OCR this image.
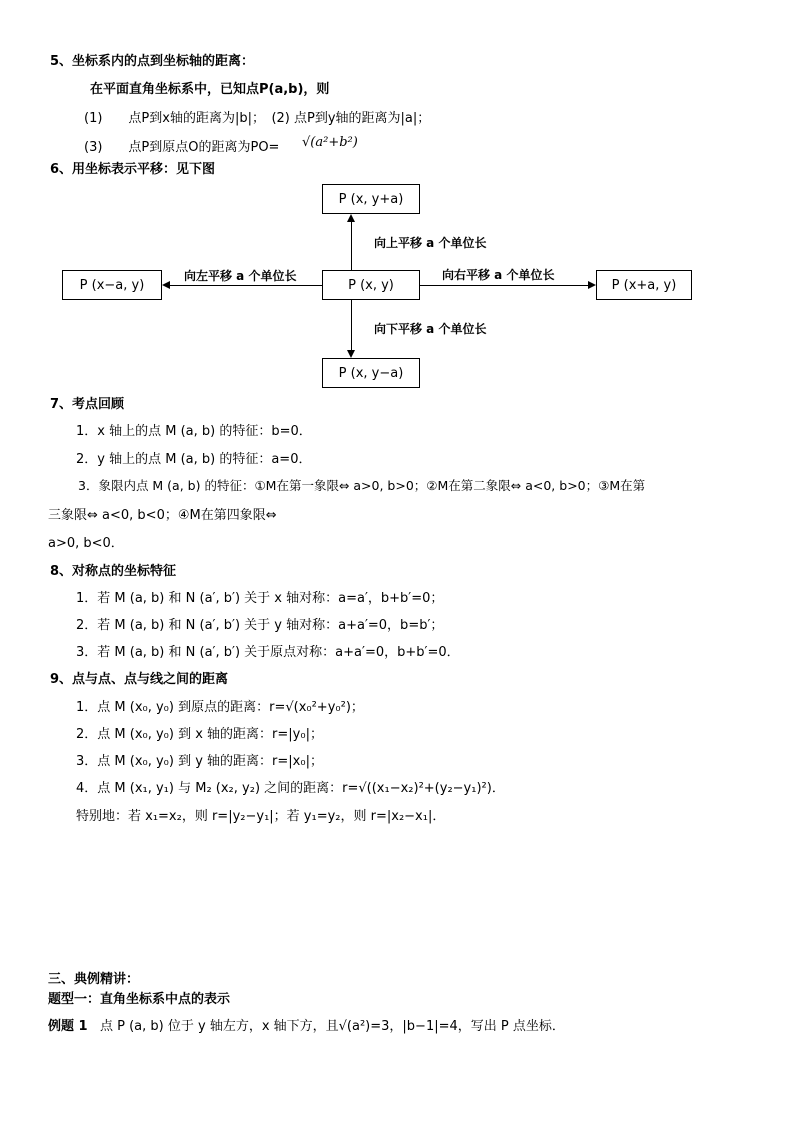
5、坐标系内的点到坐标轴的距离：
在平面直角坐标系中，已知点P(a,b)，则
(1)　　点P到x轴的距离为|b|；　(2) 点P到y轴的距离为|a|；
(3)　　点P到原点O的距离为PO= √(a²+b²)
6、用坐标表示平移：见下图
P (x, y+a)
P (x, y)
P (x, y−a)
P (x−a, y)	P (x+a, y)
向上平移 a 个单位长
向下平移 a 个单位长
向左平移 a 个单位长	向右平移 a 个单位长
7、考点回顾
1．x 轴上的点 M (a, b) 的特征：b=0．
2．y 轴上的点 M (a, b) 的特征：a=0．
3．象限内点 M (a, b) 的特征：①M在第一象限⇔ a>0, b>0；②M在第二象限⇔ a<0, b>0；③M在第
三象限⇔ a<0, b<0；④M在第四象限⇔
a>0, b<0．
8、对称点的坐标特征
1．若 M (a, b) 和 N (a′, b′) 关于 x 轴对称：a=a′，b+b′=0；
2．若 M (a, b) 和 N (a′, b′) 关于 y 轴对称：a+a′=0，b=b′；
3．若 M (a, b) 和 N (a′, b′) 关于原点对称：a+a′=0，b+b′=0．
9、点与点、点与线之间的距离
1．点 M (x₀, y₀) 到原点的距离：r=√(x₀²+y₀²)；
2．点 M (x₀, y₀) 到 x 轴的距离：r=|y₀|；
3．点 M (x₀, y₀) 到 y 轴的距离：r=|x₀|；
4．点 M (x₁, y₁) 与 M₂ (x₂, y₂) 之间的距离：r=√((x₁−x₂)²+(y₂−y₁)²)．
特别地：若 x₁=x₂，则 r=|y₂−y₁|；若 y₁=y₂，则 r=|x₂−x₁|．
三、典例精讲：
题型一：直角坐标系中点的表示
例题 1 点 P (a, b) 位于 y 轴左方，x 轴下方，且√(a²)=3，|b−1|=4，写出 P 点坐标．
